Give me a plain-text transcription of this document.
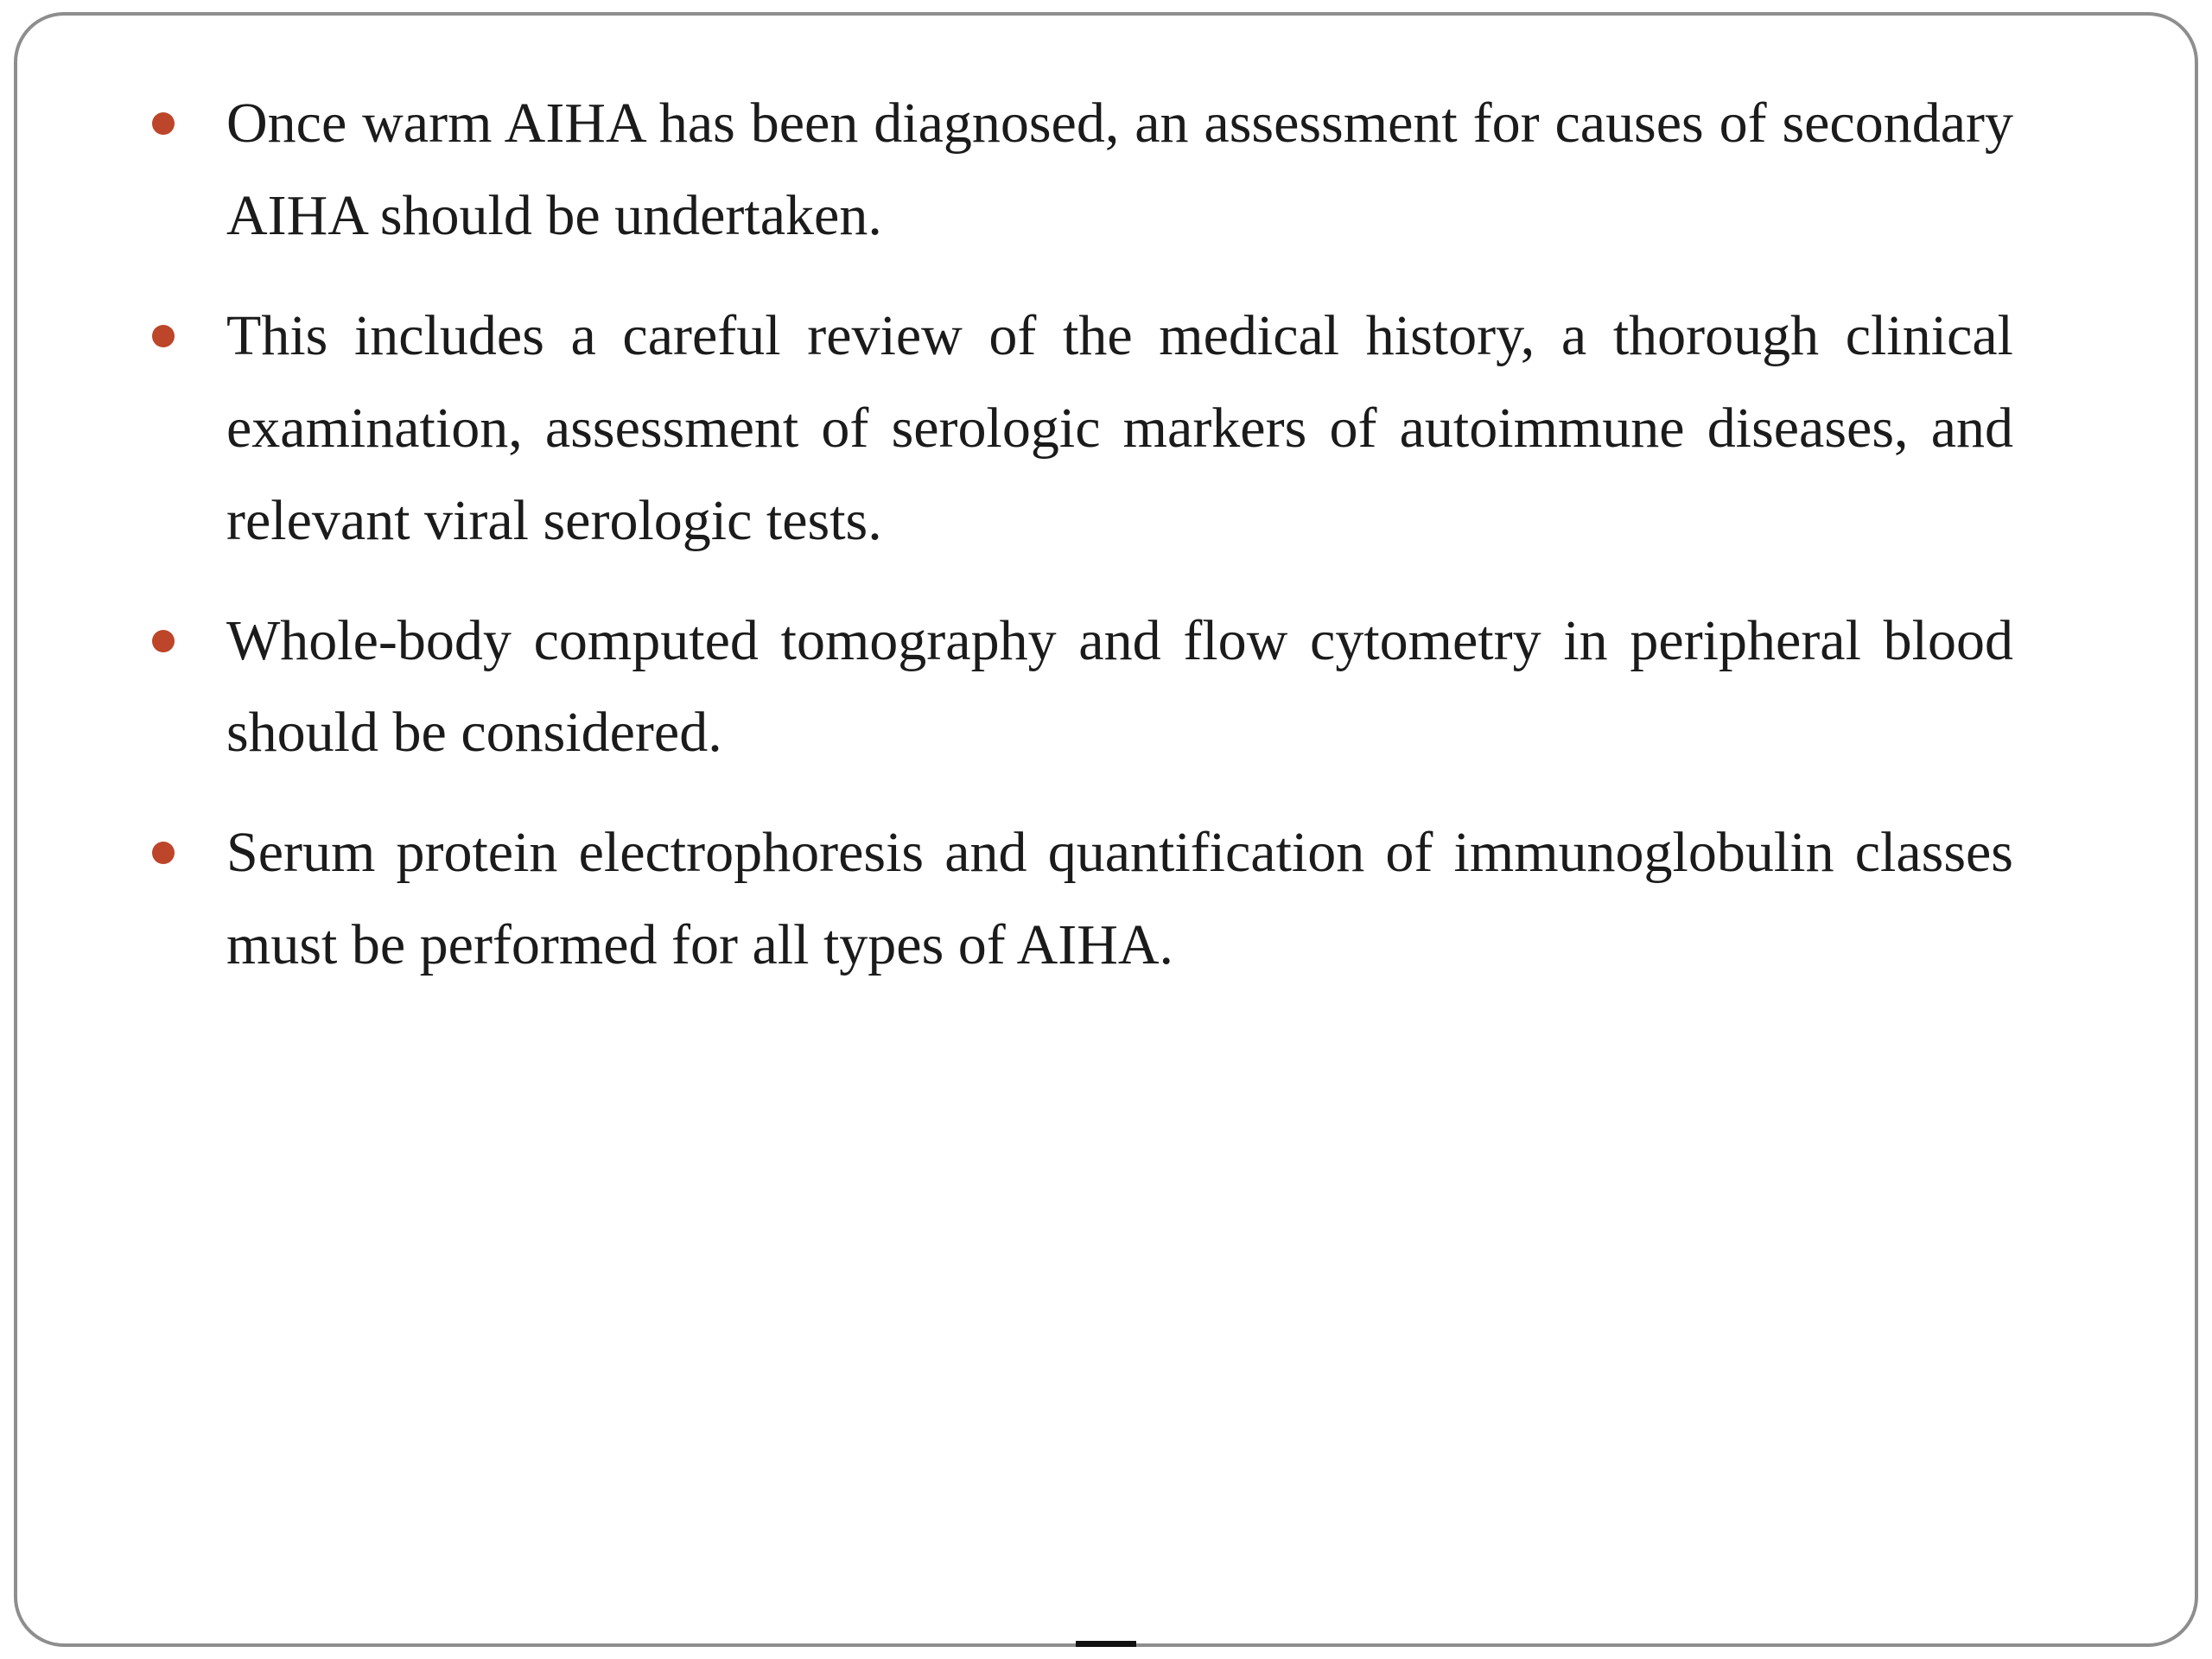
Once warm AIHA has been diagnosed, an assessment for causes of secondary AIHA should be undertaken.
This includes a careful review of the medical history, a thorough clinical examination, assessment of serologic markers of autoimmune diseases, and relevant viral serologic tests.
Whole-body computed tomography and flow cytometry in peripheral blood should be considered.
Serum protein electrophoresis and quantification of immunoglobulin classes must be performed for all types of AIHA.
